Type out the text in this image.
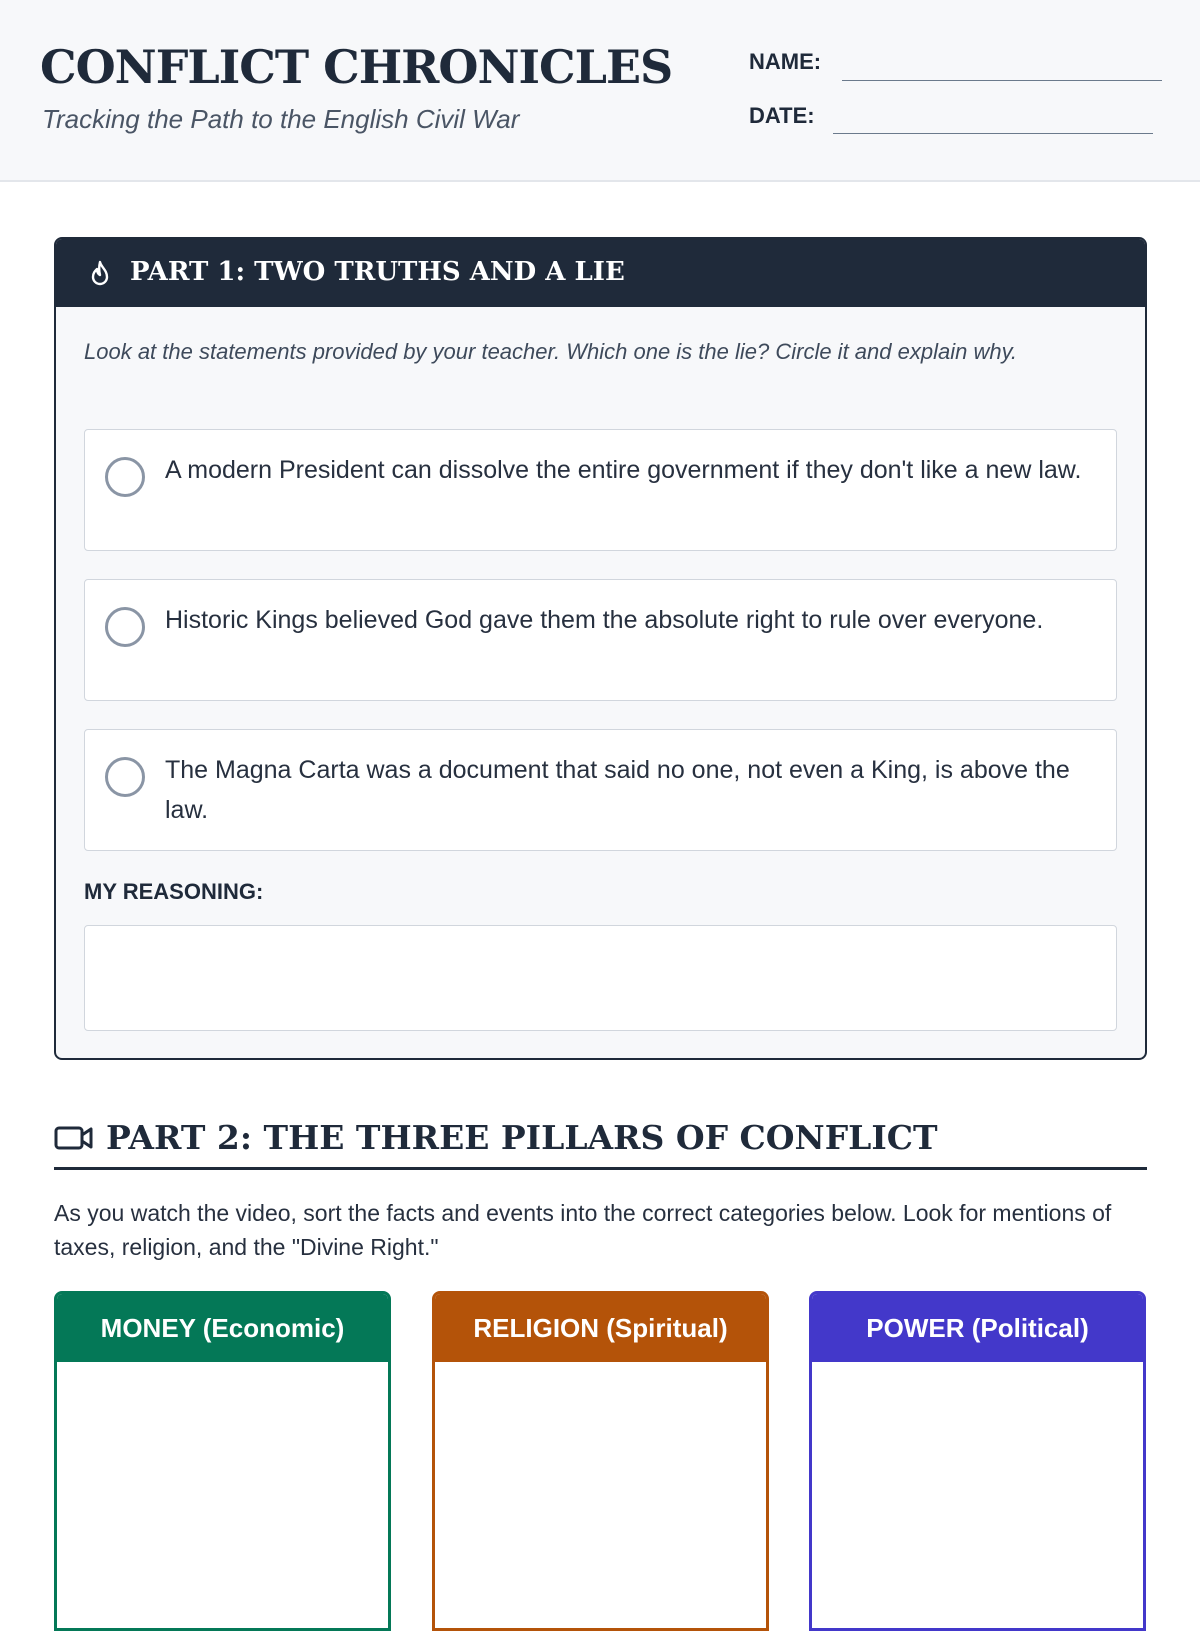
CONFLICT CHRONICLES
Tracking the Path to the English Civil War
NAME:
DATE:
PART 1: TWO TRUTHS AND A LIE
Look at the statements provided by your teacher. Which one is the lie? Circle it and explain why.
A modern President can dissolve the entire government if they don't like a new law.
Historic Kings believed God gave them the absolute right to rule over everyone.
The Magna Carta was a document that said no one, not even a King, is above the law.
MY REASONING:
PART 2: THE THREE PILLARS OF CONFLICT
As you watch the video, sort the facts and events into the correct categories below. Look for mentions of taxes, religion, and the "Divine Right."
MONEY (Economic)	RELIGION (Spiritual)	POWER (Political)
